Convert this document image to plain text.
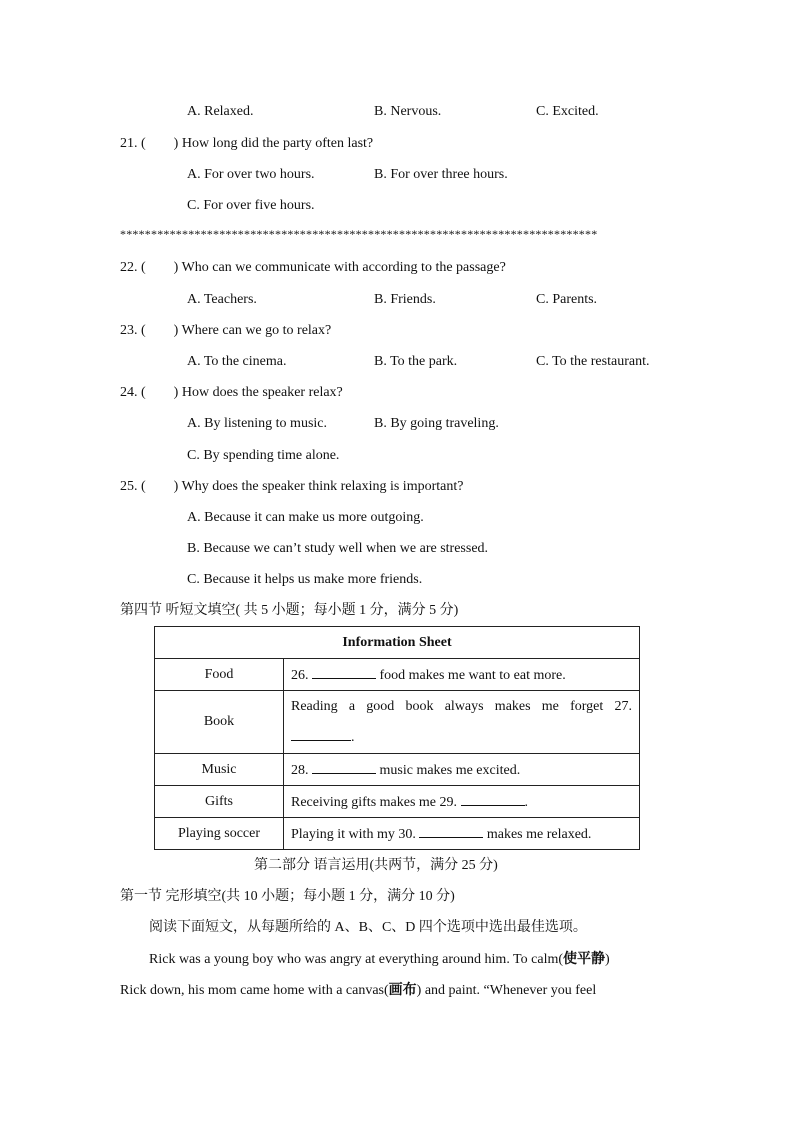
A. Relaxed.	B. Nervous.	C. Excited.
21. ( ) How long did the party often last?
A. For over two hours.	B. For over three hours.
C. For over five hours.
*****************************************************************************
22. ( ) Who can we communicate with according to the passage?
A. Teachers.	B. Friends.	C. Parents.
23. ( ) Where can we go to relax?
A. To the cinema.	B. To the park.	C. To the restaurant.
24. ( ) How does the speaker relax?
A. By listening to music.	B. By going traveling.
C. By spending time alone.
25. ( ) Why does the speaker think relaxing is important?
A. Because it can make us more outgoing.
B. Because we can’t study well when we are stressed.
C. Because it helps us make more friends.
第四节 听短文填空( 共 5 小题；每小题 1 分，满分 5 分)
Information Sheet	
Food	26. food makes me want to eat more.
Book	Reading a good book always makes me forget 27..
Music	28. music makes me excited.
Gifts	Receiving gifts makes me 29. .
Playing soccer	Playing it with my 30. makes me relaxed.
第二部分 语言运用(共两节，满分 25 分)
第一节 完形填空(共 10 小题；每小题 1 分，满分 10 分)
阅读下面短文，从每题所给的 A、B、C、D 四个选项中选出最佳选项。
Rick was a young boy who was angry at everything around him. To calm(使平静)
Rick down, his mom came home with a canvas(画布) and paint. “Whenever you feel
